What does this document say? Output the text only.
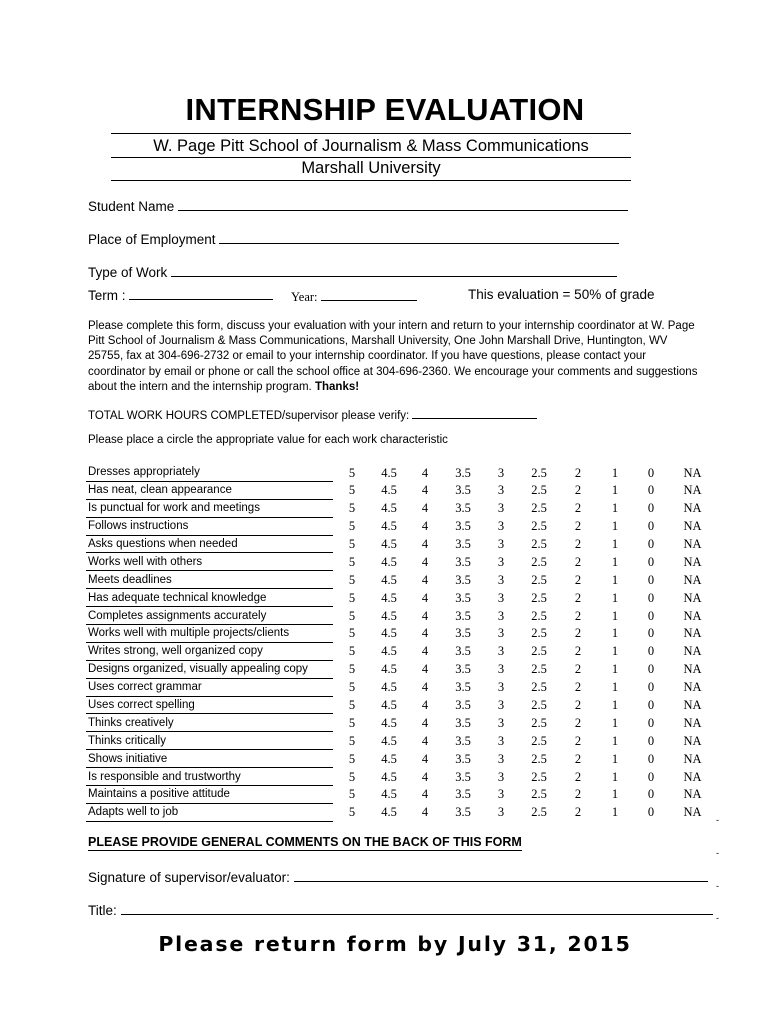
INTERNSHIP EVALUATION
W. Page Pitt School of Journalism & Mass Communications
Marshall University
Student Name
Place of Employment
Type of Work
Term :	Year:	This evaluation = 50% of grade
Please complete this form, discuss your evaluation with your intern and return to your internship coordinator at W. Page Pitt School of Journalism & Mass Communications, Marshall University, One John Marshall Drive, Huntington, WV 25755, fax at 304-696-2732 or email to your internship coordinator. If you have questions, please contact your coordinator by email or phone or call the school office at 304-696-2360. We encourage your comments and suggestions about the intern and the internship program. Thanks!
TOTAL WORK HOURS COMPLETED/supervisor please verify:
Please place a circle the appropriate value for each work characteristic
Dresses appropriately	5	4.5	4	3.5	3	2.5	2	1	0	NA
Has neat, clean appearance	5	4.5	4	3.5	3	2.5	2	1	0	NA
Is punctual for work and meetings	5	4.5	4	3.5	3	2.5	2	1	0	NA
Follows instructions	5	4.5	4	3.5	3	2.5	2	1	0	NA
Asks questions when needed	5	4.5	4	3.5	3	2.5	2	1	0	NA
Works well with others	5	4.5	4	3.5	3	2.5	2	1	0	NA
Meets deadlines	5	4.5	4	3.5	3	2.5	2	1	0	NA
Has adequate technical knowledge	5	4.5	4	3.5	3	2.5	2	1	0	NA
Completes assignments accurately	5	4.5	4	3.5	3	2.5	2	1	0	NA
Works well with multiple projects/clients	5	4.5	4	3.5	3	2.5	2	1	0	NA
Writes strong, well organized copy	5	4.5	4	3.5	3	2.5	2	1	0	NA
Designs organized, visually appealing copy	5	4.5	4	3.5	3	2.5	2	1	0	NA
Uses correct grammar	5	4.5	4	3.5	3	2.5	2	1	0	NA
Uses correct spelling	5	4.5	4	3.5	3	2.5	2	1	0	NA
Thinks creatively	5	4.5	4	3.5	3	2.5	2	1	0	NA
Thinks critically	5	4.5	4	3.5	3	2.5	2	1	0	NA
Shows initiative	5	4.5	4	3.5	3	2.5	2	1	0	NA
Is responsible and trustworthy	5	4.5	4	3.5	3	2.5	2	1	0	NA
Maintains a positive attitude	5	4.5	4	3.5	3	2.5	2	1	0	NA
Adapts well to job	5	4.5	4	3.5	3	2.5	2	1	0	NA
-
-
-
-
PLEASE PROVIDE GENERAL COMMENTS ON THE BACK OF THIS FORM
Signature of supervisor/evaluator:
Title:
Please return form by July 31, 2015
